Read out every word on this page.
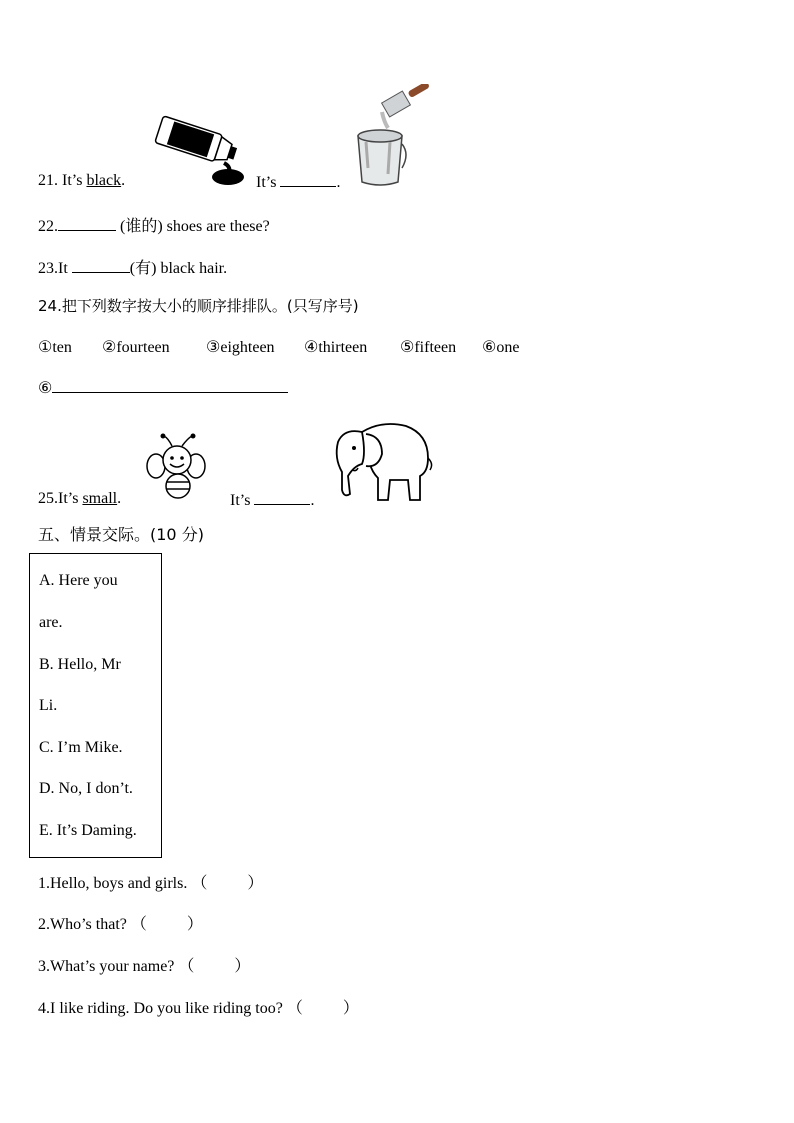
21. It’s black.	It’s	.
22.	(谁的) shoes are these?
23.It	(有) black hair.
24.把下列数字按大小的顺序排排队。(只写序号)
①ten ②fourteen ③eighteen ④thirteen ⑤fifteen ⑥one
⑥
25.It’s small.	It’s	.
五、情景交际。(10 分)
A. Here you
are.
B. Hello, Mr
Li.
C. I’m Mike.
D. No, I don’t.
E. It’s Daming.
1.Hello, boys and girls. （          ）
2.Who’s that? （          ）
3.What’s your name? （          ）
4.I like riding. Do you like riding too? （          ）
